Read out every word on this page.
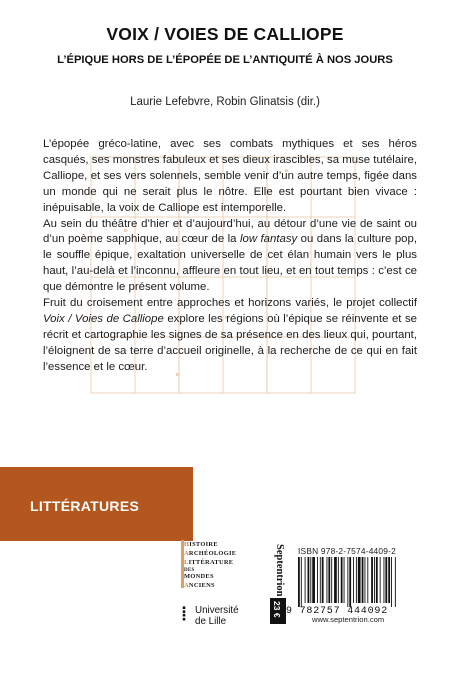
VOIX / VOIES DE CALLIOPE
L’ÉPIQUE HORS DE L’ÉPOPÉE DE L’ANTIQUITÉ À NOS JOURS
Laurie Lefebvre, Robin Glinatsis (dir.)

L’épopée gréco-latine, avec ses combats mythiques et ses héros casqués, ses monstres fabuleux et ses dieux irascibles, sa muse tutélaire, Calliope, et ses vers solennels, semble venir d’un autre temps, figée dans un monde qui ne serait plus le nôtre. Elle est pourtant bien vivace : inépuisable, la voix de Calliope est intemporelle.

Au sein du théâtre d’hier et d’aujourd’hui, au détour d’une vie de saint ou d’un poème sapphique, au cœur de la low fantasy ou dans la culture pop, le souffle épique, exaltation universelle de cet élan humain vers le plus haut, l’au-delà et l’inconnu, affleure en tout lieu, et en tout temps : c’est ce que démontre le présent volume.

Fruit du croisement entre approches et horizons variés, le projet collectif Voix / Voies de Calliope explore les régions où l’épique se réinvente et se récrit et cartographie les signes de sa présence en des lieux qui, pourtant, l’éloignent de sa terre d’accueil originelle, à la recherche de ce qui en fait l’essence et le cœur.

LITTÉRATURES
HISTOIRE
ARCHÉOLOGIE
LITTÉRATURE
DES
MONDES
ANCIENS
⦙ Université
de Lille
Septentrion
23 €
ISBN 978-2-7574-4409-2
9 782757 444092
www.septentrion.com
